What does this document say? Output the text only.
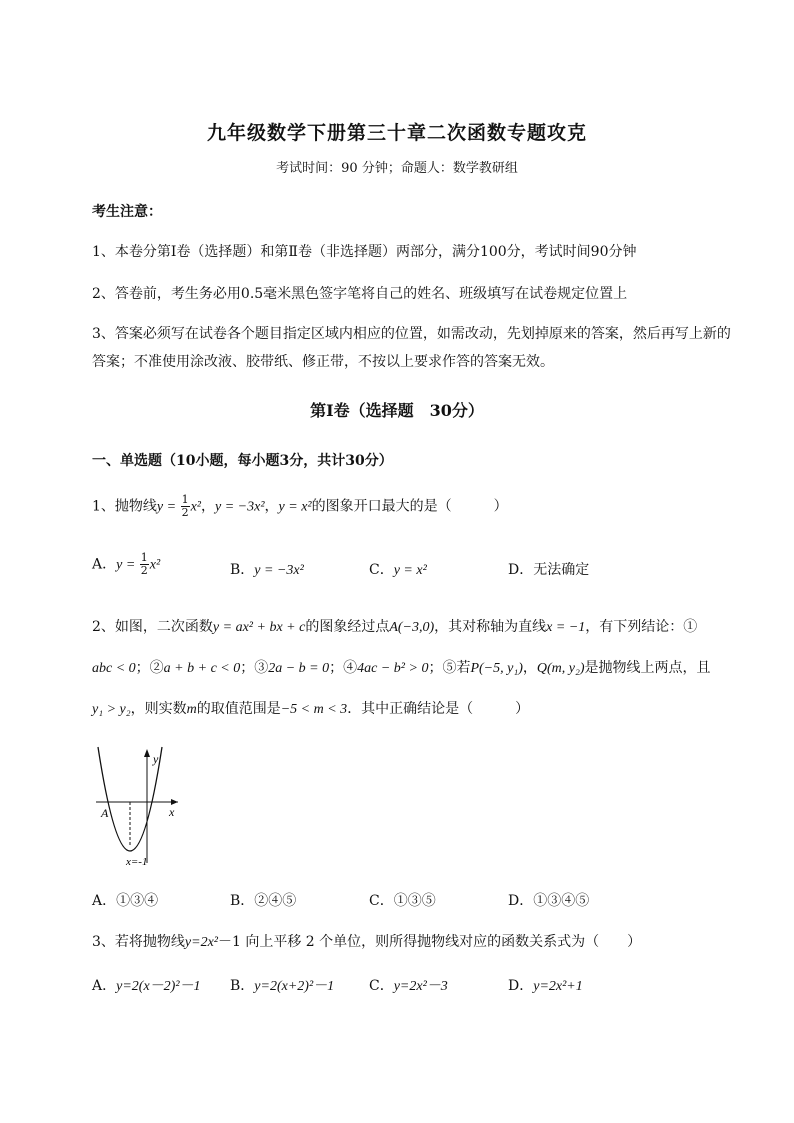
九年级数学下册第三十章二次函数专题攻克
考试时间：90 分钟；命题人：数学教研组
考生注意：
1、本卷分第Ⅰ卷（选择题）和第Ⅱ卷（非选择题）两部分，满分100分，考试时间90分钟
2、答卷前，考生务必用0.5毫米黑色签字笔将自己的姓名、班级填写在试卷规定位置上
3、答案必须写在试卷各个题目指定区域内相应的位置，如需改动，先划掉原来的答案，然后再写上新的答案；不准使用涂改液、胶带纸、修正带，不按以上要求作答的答案无效。
第Ⅰ卷（选择题　30分）
一、单选题（10小题，每小题3分，共计30分）
1、抛物线$y = \frac{1}{2} x^2$，y = −3x²，y = x²的图象开口最大的是（　　　）
A．$y = \frac{1}{2} x^2$	B．y = −3x²	C．y = x²	D．无法确定
2、如图，二次函数y = ax² + bx + c的图象经过点A(−3,0)，其对称轴为直线x = −1，有下列结论：①
abc < 0；②a + b + c < 0；③2a − b = 0；④4ac − b² > 0；⑤若P(−5, y₁)，Q(m, y₂)是抛物线上两点，且
y₁ > y₂，则实数m的取值范围是−5 < m < 3．其中正确结论是（　　　）
y
x
A
x=-1
A．①③④	B．②④⑤	C．①③⑤	D．①③④⑤
3、若将抛物线y=2x²－1 向上平移 2 个单位，则所得抛物线对应的函数关系式为（　　）
A．y=2(x－2)²－1 B．y=2(x+2)²－1 C．y=2x²－3	D．y=2x²+1
